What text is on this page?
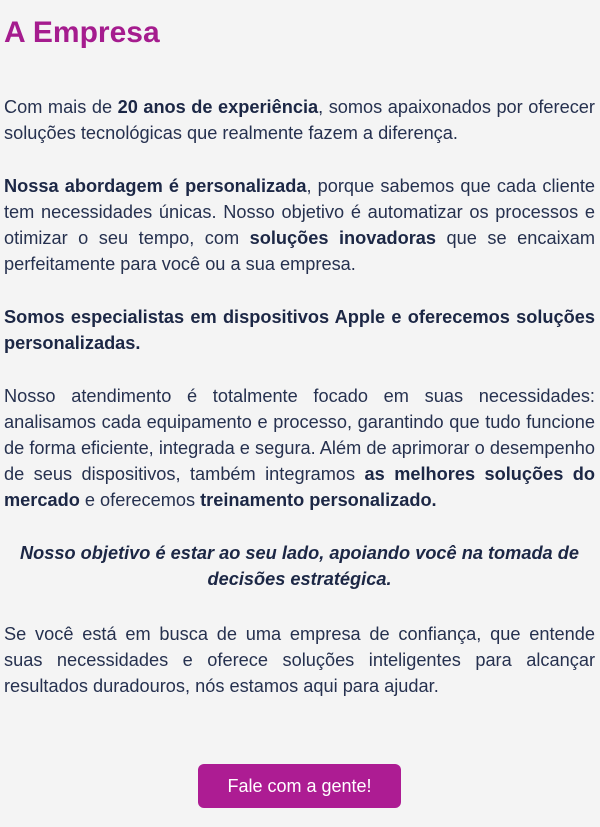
A Empresa

Com mais de 20 anos de experiência, somos apaixonados por oferecer soluções tecnológicas que realmente fazem a diferença.

Nossa abordagem é personalizada, porque sabemos que cada cliente tem necessidades únicas. Nosso objetivo é automatizar os processos e otimizar o seu tempo, com soluções inovadoras que se encaixam perfeitamente para você ou a sua empresa.

Somos especialistas em dispositivos Apple e oferecemos soluções personalizadas.

Nosso atendimento é totalmente focado em suas necessidades: analisamos cada equipamento e processo, garantindo que tudo funcione de forma eficiente, integrada e segura. Além de aprimorar o desempenho de seus dispositivos, também integramos as melhores soluções do mercado e oferecemos treinamento personalizado.

Nosso objetivo é estar ao seu lado, apoiando você na tomada de decisões estratégica.

Se você está em busca de uma empresa de confiança, que entende suas necessidades e oferece soluções inteligentes para alcançar resultados duradouros, nós estamos aqui para ajudar.

Fale com a gente!
